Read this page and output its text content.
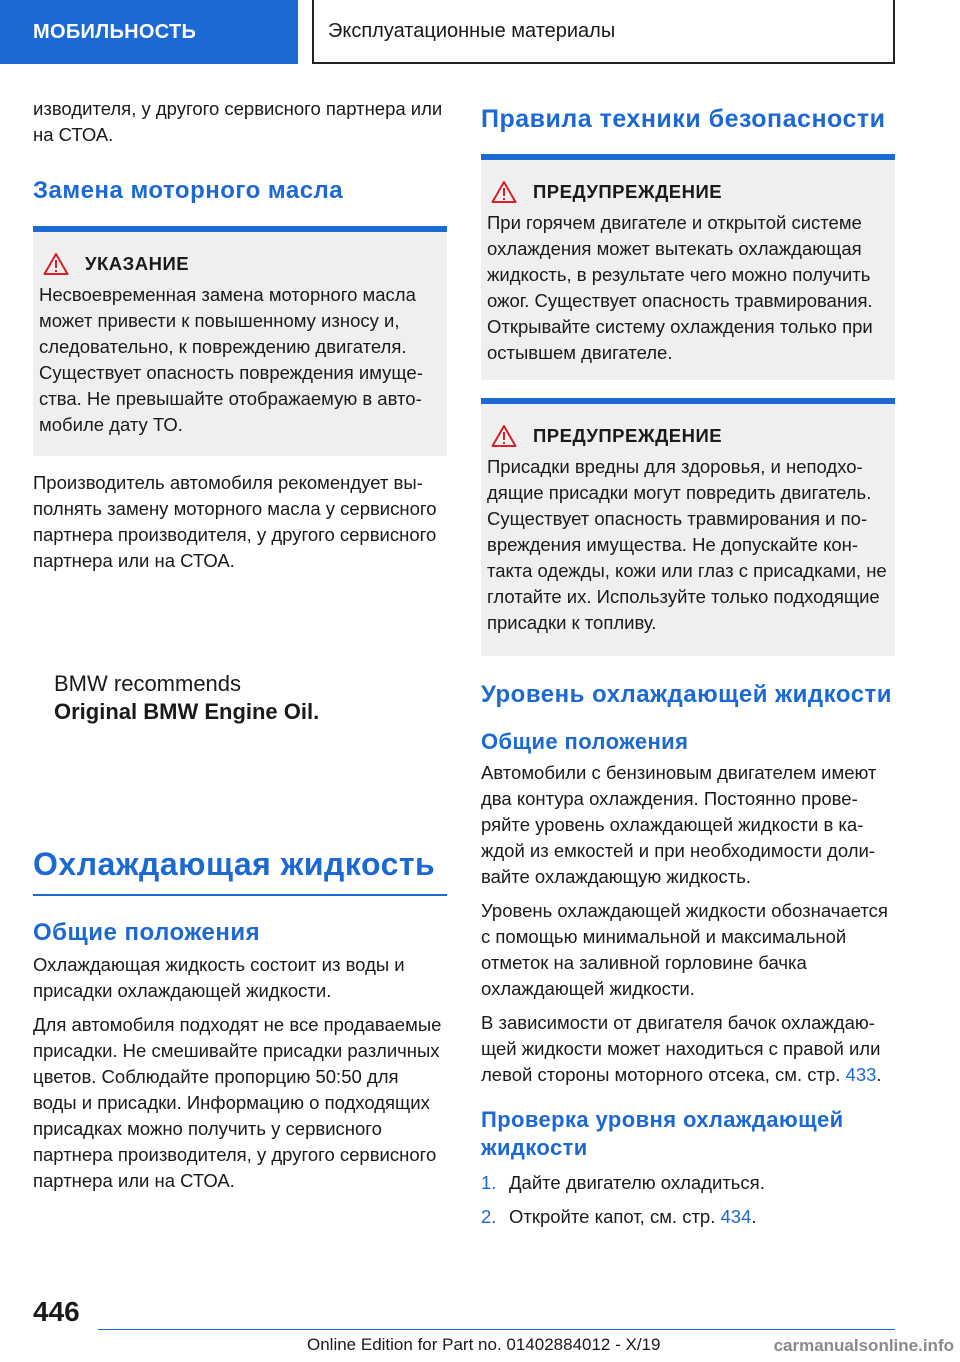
МОБИЛЬНОСТЬ	Эксплуатационные материалы

изводителя, у другого сервисного партнера или на СТОА.

Замена моторного масла
УКАЗАНИЕ

Несвоевременная замена моторного масла может привести к повышенному износу и, следовательно, к повреждению двигателя. Существует опасность повреждения имущества. Не превышайте отображаемую в автомобиле дату ТО.

Производитель автомобиля рекомендует выполнять замену моторного масла у сервисного партнера производителя, у другого сервисного партнера или на СТОА.

BMW recommends
Original BMW Engine Oil.
Охлаждающая жидкость
Общие положения

Охлаждающая жидкость состоит из воды и присадки охлаждающей жидкости.

Для автомобиля подходят не все продаваемые присадки. Не смешивайте присадки различных цветов. Соблюдайте пропорцию 50:50 для воды и присадки. Информацию о подходящих присадках можно получить у сервисного партнера производителя, у другого сервисного партнера или на СТОА.

Правила техники безопасности
ПРЕДУПРЕЖДЕНИЕ

При горячем двигателе и открытой системе охлаждения может вытекать охлаждающая жидкость, в результате чего можно получить ожог. Существует опасность травмирования. Открывайте систему охлаждения только при остывшем двигателе.

ПРЕДУПРЕЖДЕНИЕ

Присадки вредны для здоровья, и неподходящие присадки могут повредить двигатель. Существует опасность травмирования и повреждения имущества. Не допускайте контакта одежды, кожи или глаз с присадками, не глотайте их. Используйте только подходящие присадки к топливу.

Уровень охлаждающей жидкости
Общие положения

Автомобили с бензиновым двигателем имеют два контура охлаждения. Постоянно проверяйте уровень охлаждающей жидкости в каждой из емкостей и при необходимости доливайте охлаждающую жидкость.

Уровень охлаждающей жидкости обозначается с помощью минимальной и максимальной отметок на заливной горловине бачка охлаждающей жидкости.

В зависимости от двигателя бачок охлаждающей жидкости может находиться с правой или левой стороны моторного отсека, см. стр. 433.

Проверка уровня охлаждающей жидкости
1. Дайте двигателю охладиться.
2. Откройте капот, см. стр. 434.
446
Online Edition for Part no. 01402884012 - X/19	carmanualsonline.info
